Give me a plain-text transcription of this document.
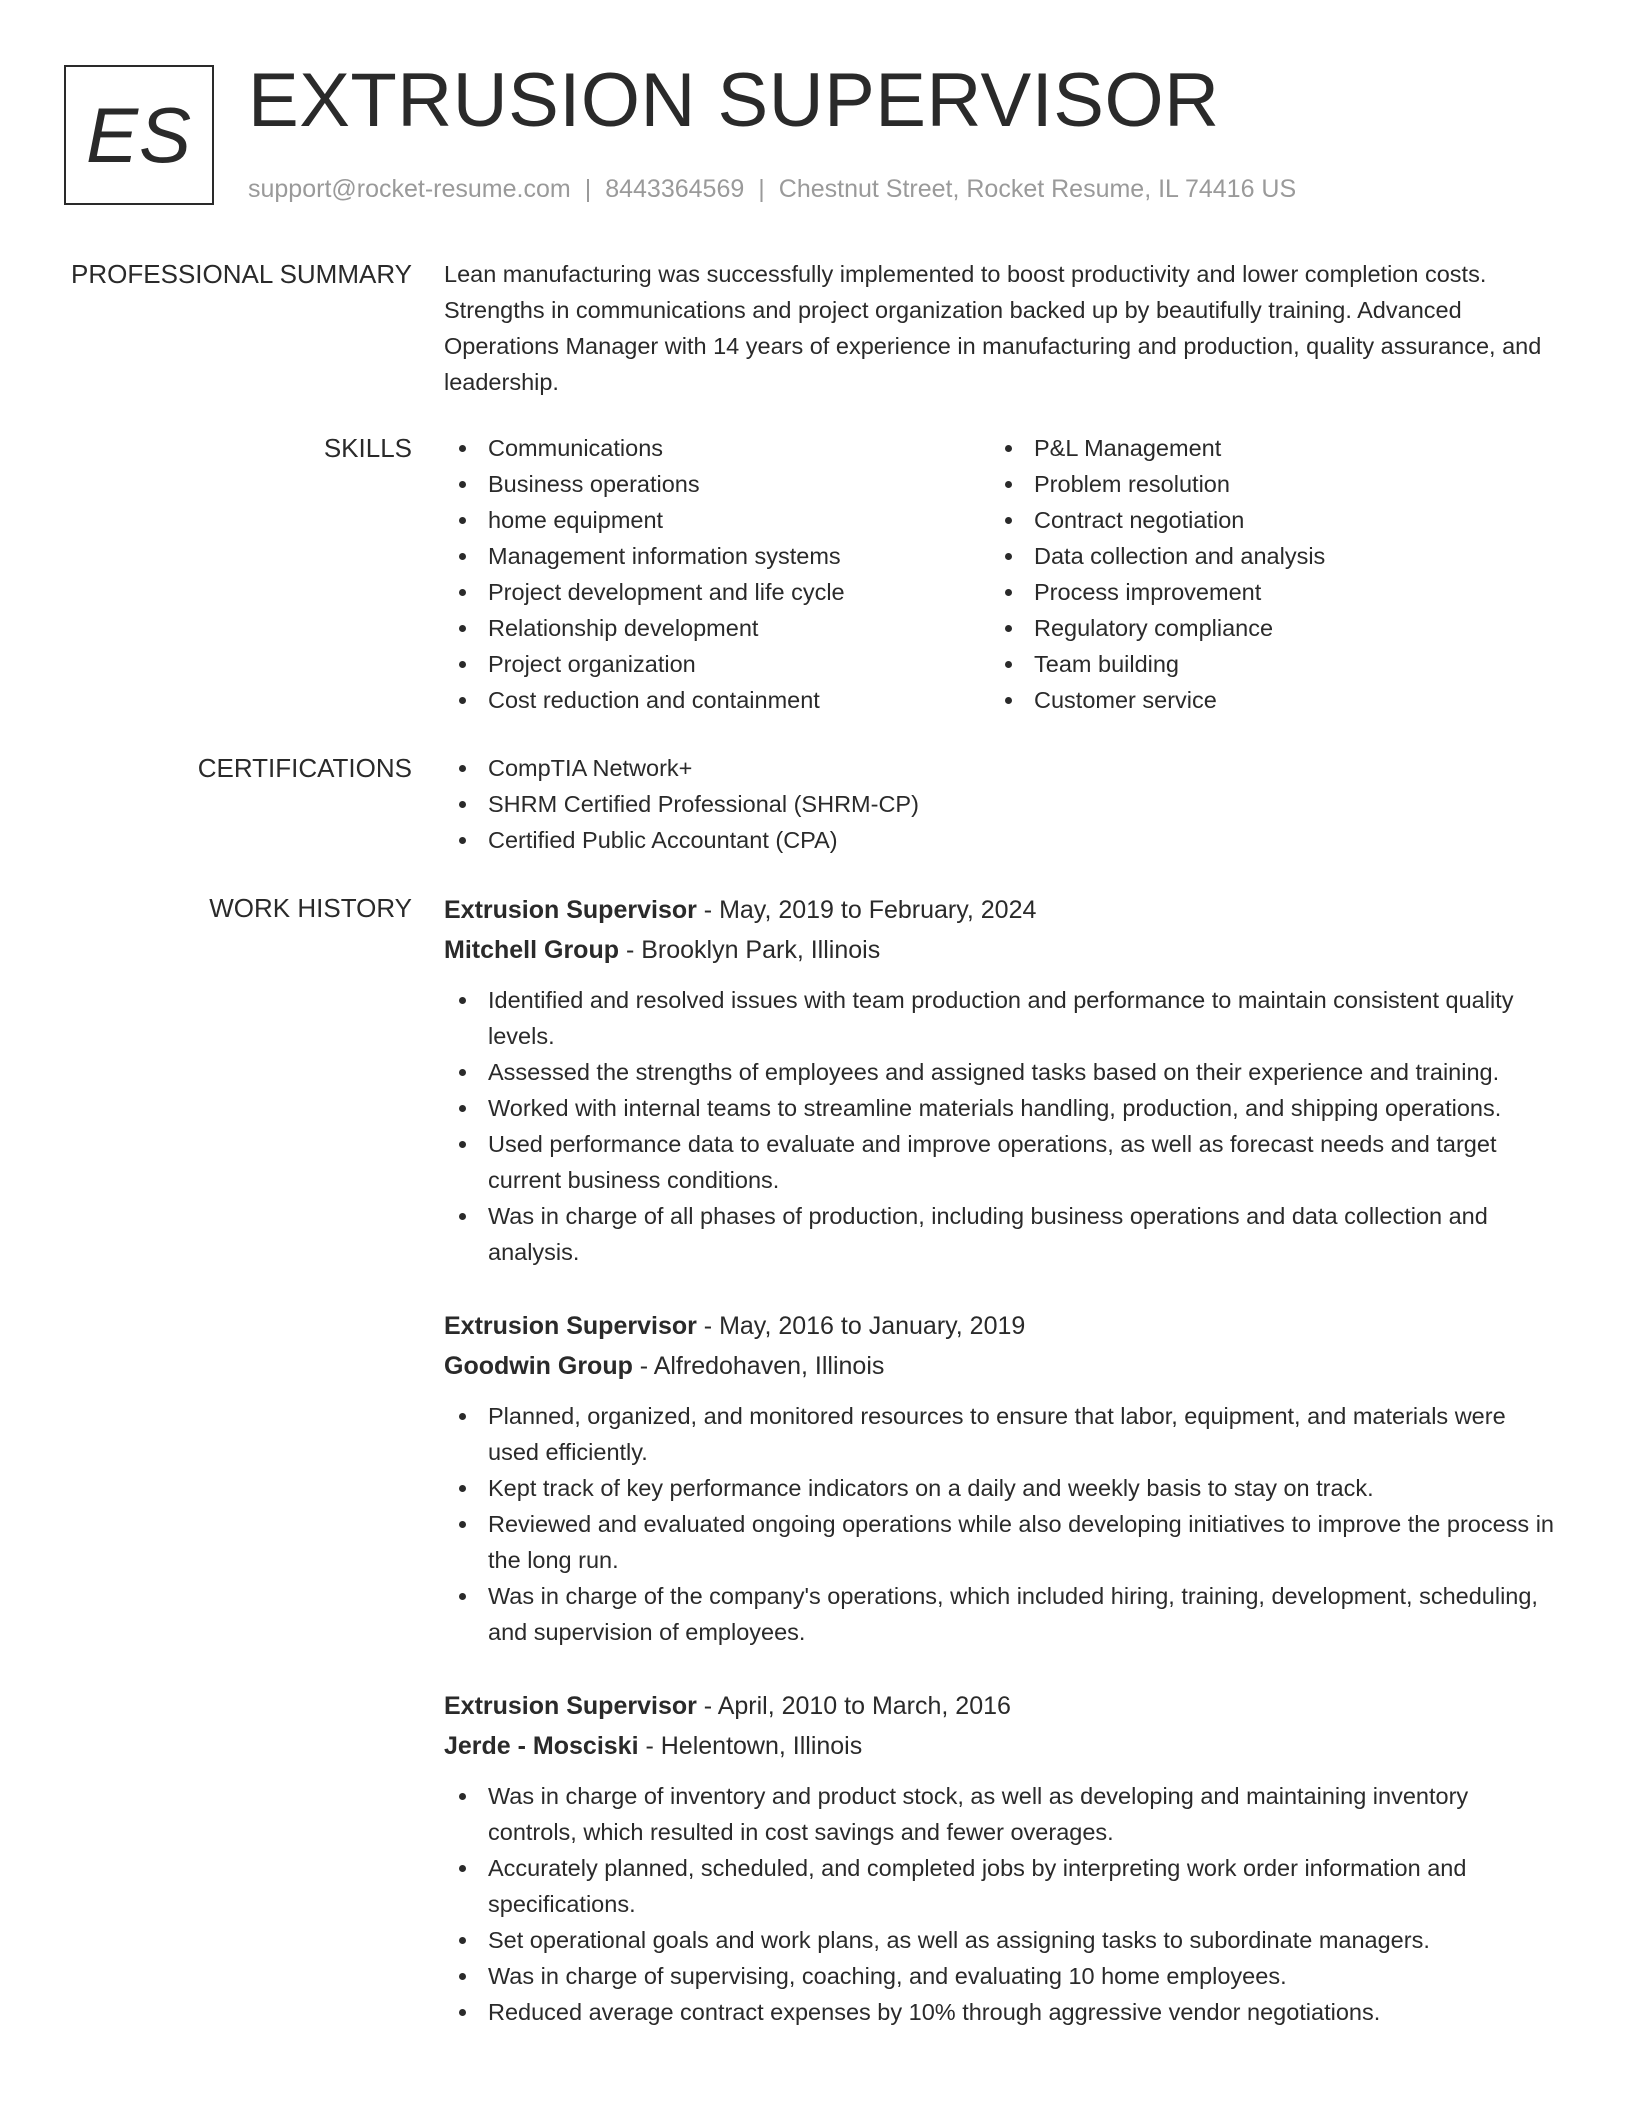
ES EXTRUSION SUPERVISOR
support@rocket-resume.com | 8443364569 | Chestnut Street, Rocket Resume, IL 74416 US
PROFESSIONAL SUMMARY Lean manufacturing was successfully implemented to boost productivity and lower completion costs. Strengths in communications and project organization backed up by beautifully training. Advanced Operations Manager with 14 years of experience in manufacturing and production, quality assurance, and leadership.

SKILLS	Communications
Business operations
home equipment
Management information systems
Project development and life cycle
Relationship development
Project organization
Cost reduction and containment
P&L Management
Problem resolution
Contract negotiation
Data collection and analysis
Process improvement
Regulatory compliance
Team building
Customer service
CERTIFICATIONS	CompTIA Network+
SHRM Certified Professional (SHRM-CP)
Certified Public Accountant (CPA)
WORK HISTORY Extrusion Supervisor - May, 2019 to February, 2024
Mitchell Group - Brooklyn Park, Illinois
Identified and resolved issues with team production and performance to maintain consistent quality levels.
Assessed the strengths of employees and assigned tasks based on their experience and training.
Worked with internal teams to streamline materials handling, production, and shipping operations.
Used performance data to evaluate and improve operations, as well as forecast needs and target current business conditions.
Was in charge of all phases of production, including business operations and data collection and analysis.
Extrusion Supervisor - May, 2016 to January, 2019
Goodwin Group - Alfredohaven, Illinois
Planned, organized, and monitored resources to ensure that labor, equipment, and materials were used efficiently.
Kept track of key performance indicators on a daily and weekly basis to stay on track.
Reviewed and evaluated ongoing operations while also developing initiatives to improve the process in the long run.
Was in charge of the company's operations, which included hiring, training, development, scheduling, and supervision of employees.
Extrusion Supervisor - April, 2010 to March, 2016
Jerde - Mosciski - Helentown, Illinois
Was in charge of inventory and product stock, as well as developing and maintaining inventory controls, which resulted in cost savings and fewer overages.
Accurately planned, scheduled, and completed jobs by interpreting work order information and specifications.
Set operational goals and work plans, as well as assigning tasks to subordinate managers.
Was in charge of supervising, coaching, and evaluating 10 home employees.
Reduced average contract expenses by 10% through aggressive vendor negotiations.
